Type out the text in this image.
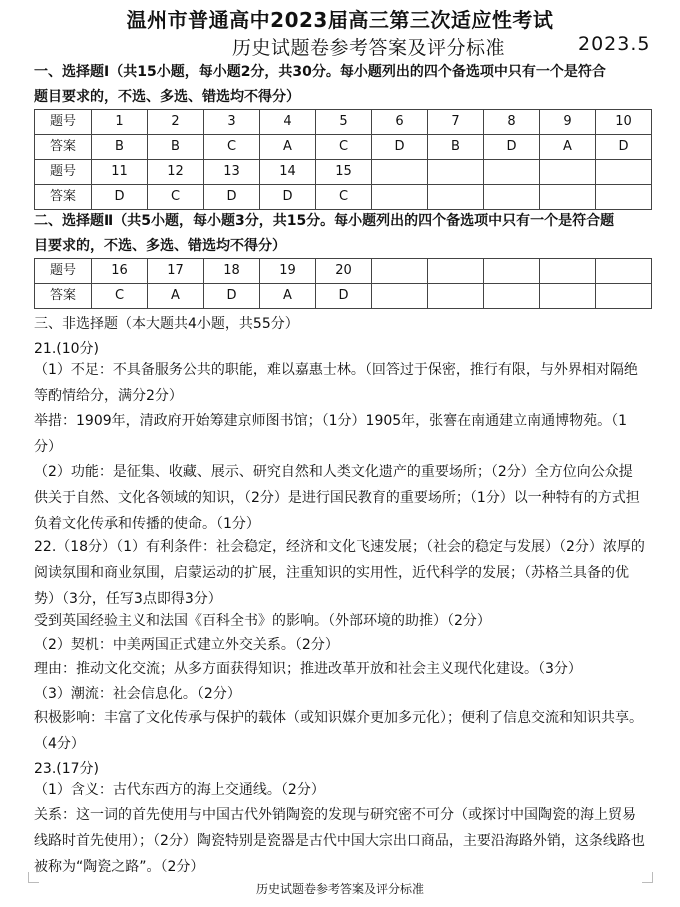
温州市普通高中2023届高三第三次适应性考试
历史试题卷参考答案及评分标准	2023.5
一、选择题Ⅰ（共15小题，每小题2分，共30分。每小题列出的四个备选项中只有一个是符合
题目要求的，不选、多选、错选均不得分）
题号	1	2	3	4	5	6	7	8	9	10
答案	B	B	C	A	C	D	B	D	A	D
题号	11	12	13	14	15					
答案	D	C	D	D	C					
二、选择题Ⅱ（共5小题，每小题3分，共15分。每小题列出的四个备选项中只有一个是符合题
目要求的，不选、多选、错选均不得分）
题号	16	17	18	19	20					
答案	C	A	D	A	D					
三、非选择题（本大题共4小题，共55分）
21.(10分)
（1）不足：不具备服务公共的职能，难以嘉惠士林。（回答过于保密，推行有限，与外界相对隔绝等酌情给分，满分2分）
举措：1909年，清政府开始筹建京师图书馆；（1分）1905年，张謇在南通建立南通博物苑。（1分）
（2）功能：是征集、收藏、展示、研究自然和人类文化遗产的重要场所；（2分）全方位向公众提供关于自然、文化各领域的知识，（2分）是进行国民教育的重要场所；（1分）以一种特有的方式担负着文化传承和传播的使命。（1分）
22.（18分）（1）有利条件：社会稳定，经济和文化飞速发展；（社会的稳定与发展）（2分）浓厚的阅读氛围和商业氛围，启蒙运动的扩展，注重知识的实用性，近代科学的发展；（苏格兰具备的优势）（3分，任写3点即得3分）
受到英国经验主义和法国《百科全书》的影响。（外部环境的助推）（2分）
（2）契机：中美两国正式建立外交关系。（2分）
理由：推动文化交流；从多方面获得知识；推进改革开放和社会主义现代化建设。（3分）
（3）潮流：社会信息化。（2分）
积极影响：丰富了文化传承与保护的载体（或知识媒介更加多元化）；便利了信息交流和知识共享。（4分）
23.(17分)
（1）含义：古代东西方的海上交通线。（2分）
关系：这一词的首先使用与中国古代外销陶瓷的发现与研究密不可分（或探讨中国陶瓷的海上贸易线路时首先使用）；（2分）陶瓷特别是瓷器是古代中国大宗出口商品，主要沿海路外销，这条线路也被称为“陶瓷之路”。（2分）
历史试题卷参考答案及评分标准
